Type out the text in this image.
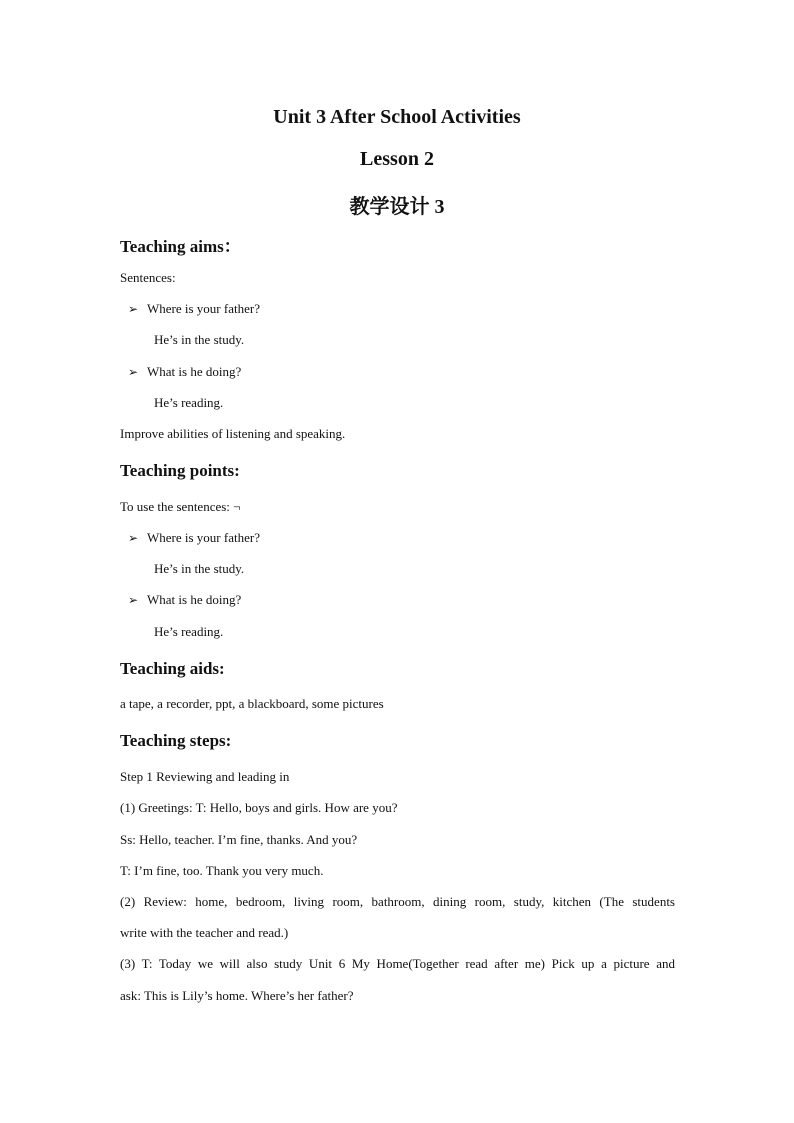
Unit 3 After School Activities
Lesson 2
教学设计 3
Teaching aims：

Sentences:

➢ Where is your father?

He’s in the study.

➢ What is he doing?

He’s reading.

Improve abilities of listening and speaking.

Teaching points:

To use the sentences: ¬

➢ Where is your father?

He’s in the study.

➢ What is he doing?

He’s reading.

Teaching aids:

a tape, a recorder, ppt, a blackboard, some pictures

Teaching steps:

Step 1 Reviewing and leading in

(1) Greetings: T: Hello, boys and girls. How are you?

Ss: Hello, teacher. I’m fine, thanks. And you?

T: I’m fine, too. Thank you very much.

(2) Review: home, bedroom, living room, bathroom, dining room, study, kitchen (The students

write with the teacher and read.)

(3) T: Today we will also study Unit 6 My Home(Together read after me) Pick up a picture and

ask: This is Lily’s home. Where’s her father?
